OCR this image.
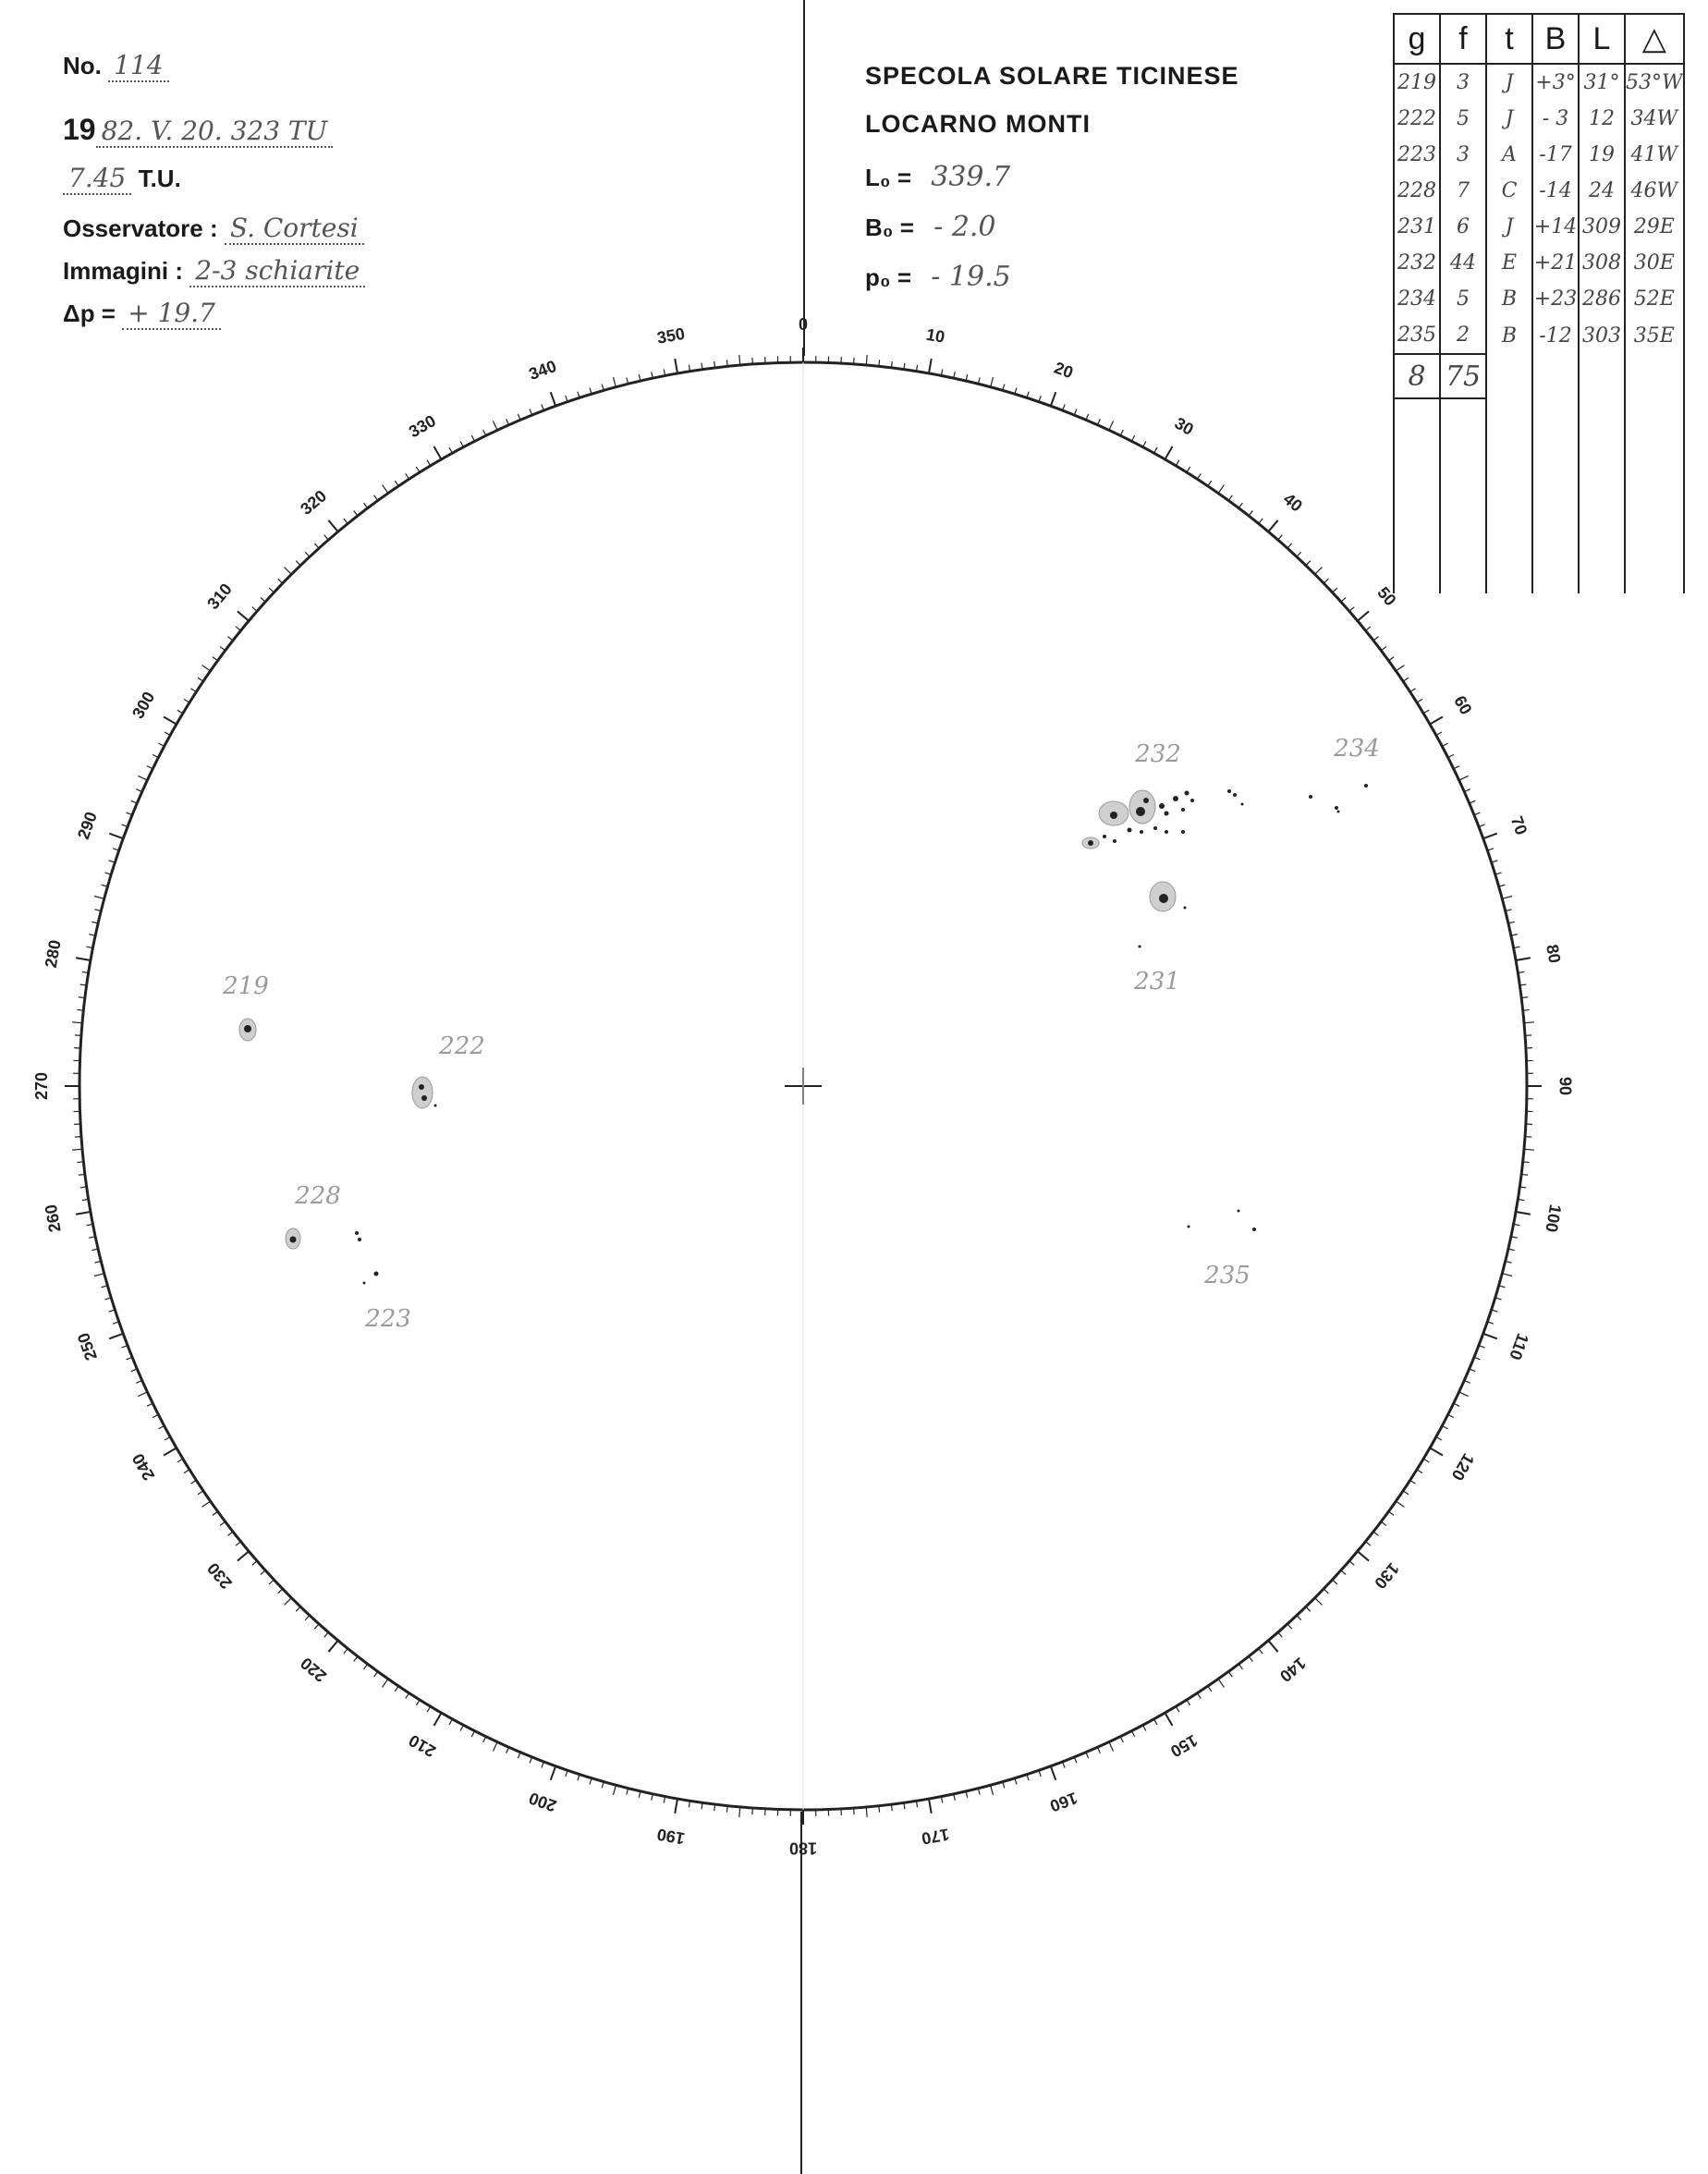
No. 114
19 82. V. 20. 323 TU
7.45 T.U.
Osservatore : S. Cortesi
Immagini : 2-3 schiarite
Δp = + 19.7
SPECOLA SOLARE TICINESE
LOCARNO MONTI
L₀ = 339.7
B₀ = - 2.0
p₀ = - 19.5
g	f	t	B	L	△
219	3	J	+3°	31°	53°W
222	5	J	- 3	12	34W
223	3	A	-17	19	41W
228	7	C	-14	24	46W
231	6	J	+14	309	29E
232	44	E	+21	308	30E
234	5	B	+23	286	52E
235	2	B	-12	303	35E
8	75				

0
10
20
30
40
50
60
70
80
90
100
110
120
130
140
150
160
170
180
190
200
210
220
230
240
250
260
270
280
290
300
310
320
330
340
350
219
222
228
223
232	234
231
235
